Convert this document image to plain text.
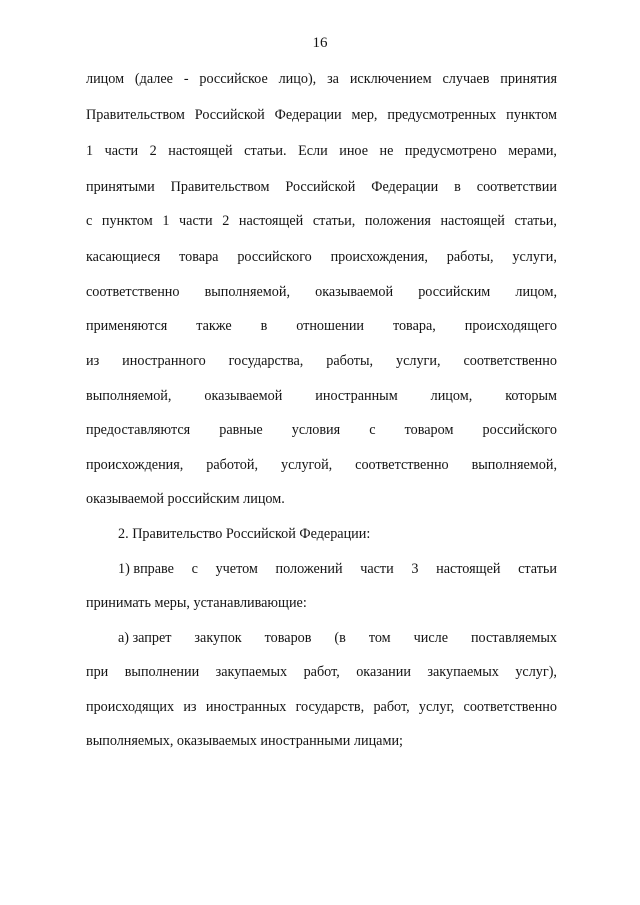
16
лицом (далее - российское лицо), за исключением случаев принятия
Правительством Российской Федерации мер, предусмотренных пунктом
1 части 2 настоящей статьи. Если иное не предусмотрено мерами,
принятыми Правительством Российской Федерации в соответствии
с пунктом 1 части 2 настоящей статьи, положения настоящей статьи,
касающиеся товара российского происхождения, работы, услуги,
соответственно выполняемой, оказываемой российским лицом,
применяются также в отношении товара, происходящего
из иностранного государства, работы, услуги, соответственно
выполняемой, оказываемой иностранным лицом, которым
предоставляются равные условия с товаром российского
происхождения, работой, услугой, соответственно выполняемой,
оказываемой российским лицом.
2. Правительство Российской Федерации:
1) вправе с учетом положений части 3 настоящей статьи
принимать меры, устанавливающие:
а) запрет закупок товаров (в том числе поставляемых
при выполнении закупаемых работ, оказании закупаемых услуг),
происходящих из иностранных государств, работ, услуг, соответственно
выполняемых, оказываемых иностранными лицами;
